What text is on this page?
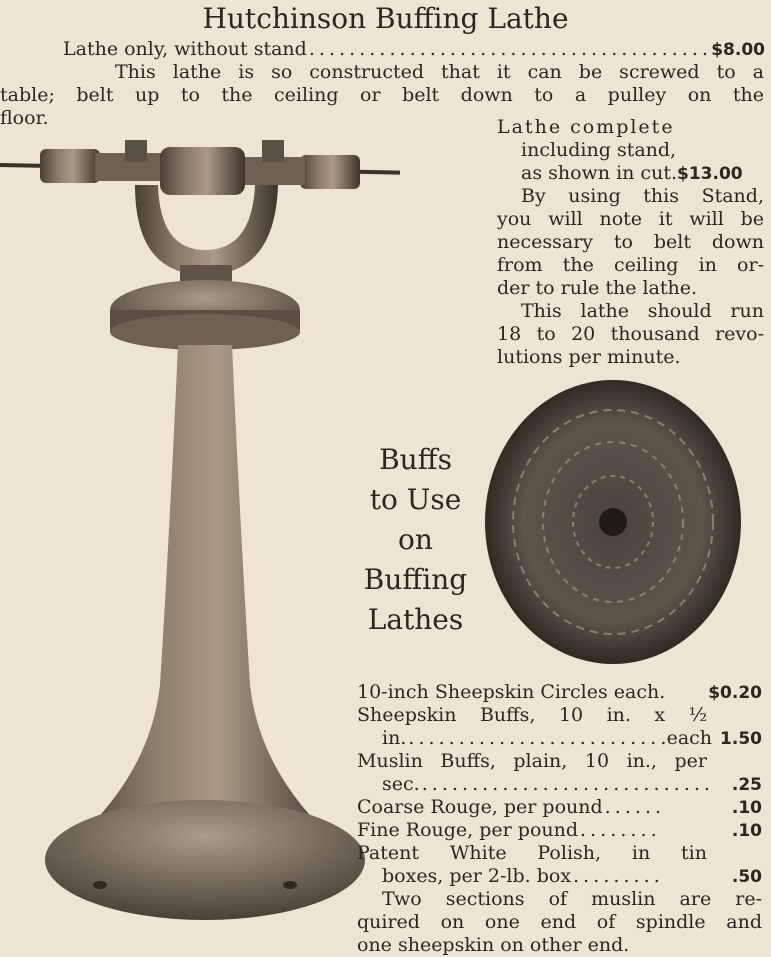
Hutchinson Buffing Lathe
Lathe only, without stand . . .	$8.00
This lathe is so constructed that it can be screwed to a
table; belt up to the ceiling or belt down to a pulley on the
floor.	Lathe complete
including stand,
as shown in cut.$13.00
By using this Stand,
you will note it will be
necessary to belt down
from the ceiling in or-
der to rule the lathe.
This lathe should run
18 to 20 thousand revo-
lutions per minute.
Buffs
to Use
on
Buffing
Lathes
10-inch Sheepskin Circles each.	$0.20
Sheepskin Buffs, 10 in. x ½
in. . . .	each 1.50
Muslin Buffs, plain, 10 in., per
sec. . . .	.25
Coarse Rouge, per pound . . .	.10
Fine Rouge, per pound . . .	.10
Patent White Polish, in tin
boxes, per 2-lb. box . . .	.50
Two sections of muslin are re-
quired on one end of spindle and
one sheepskin on other end.
